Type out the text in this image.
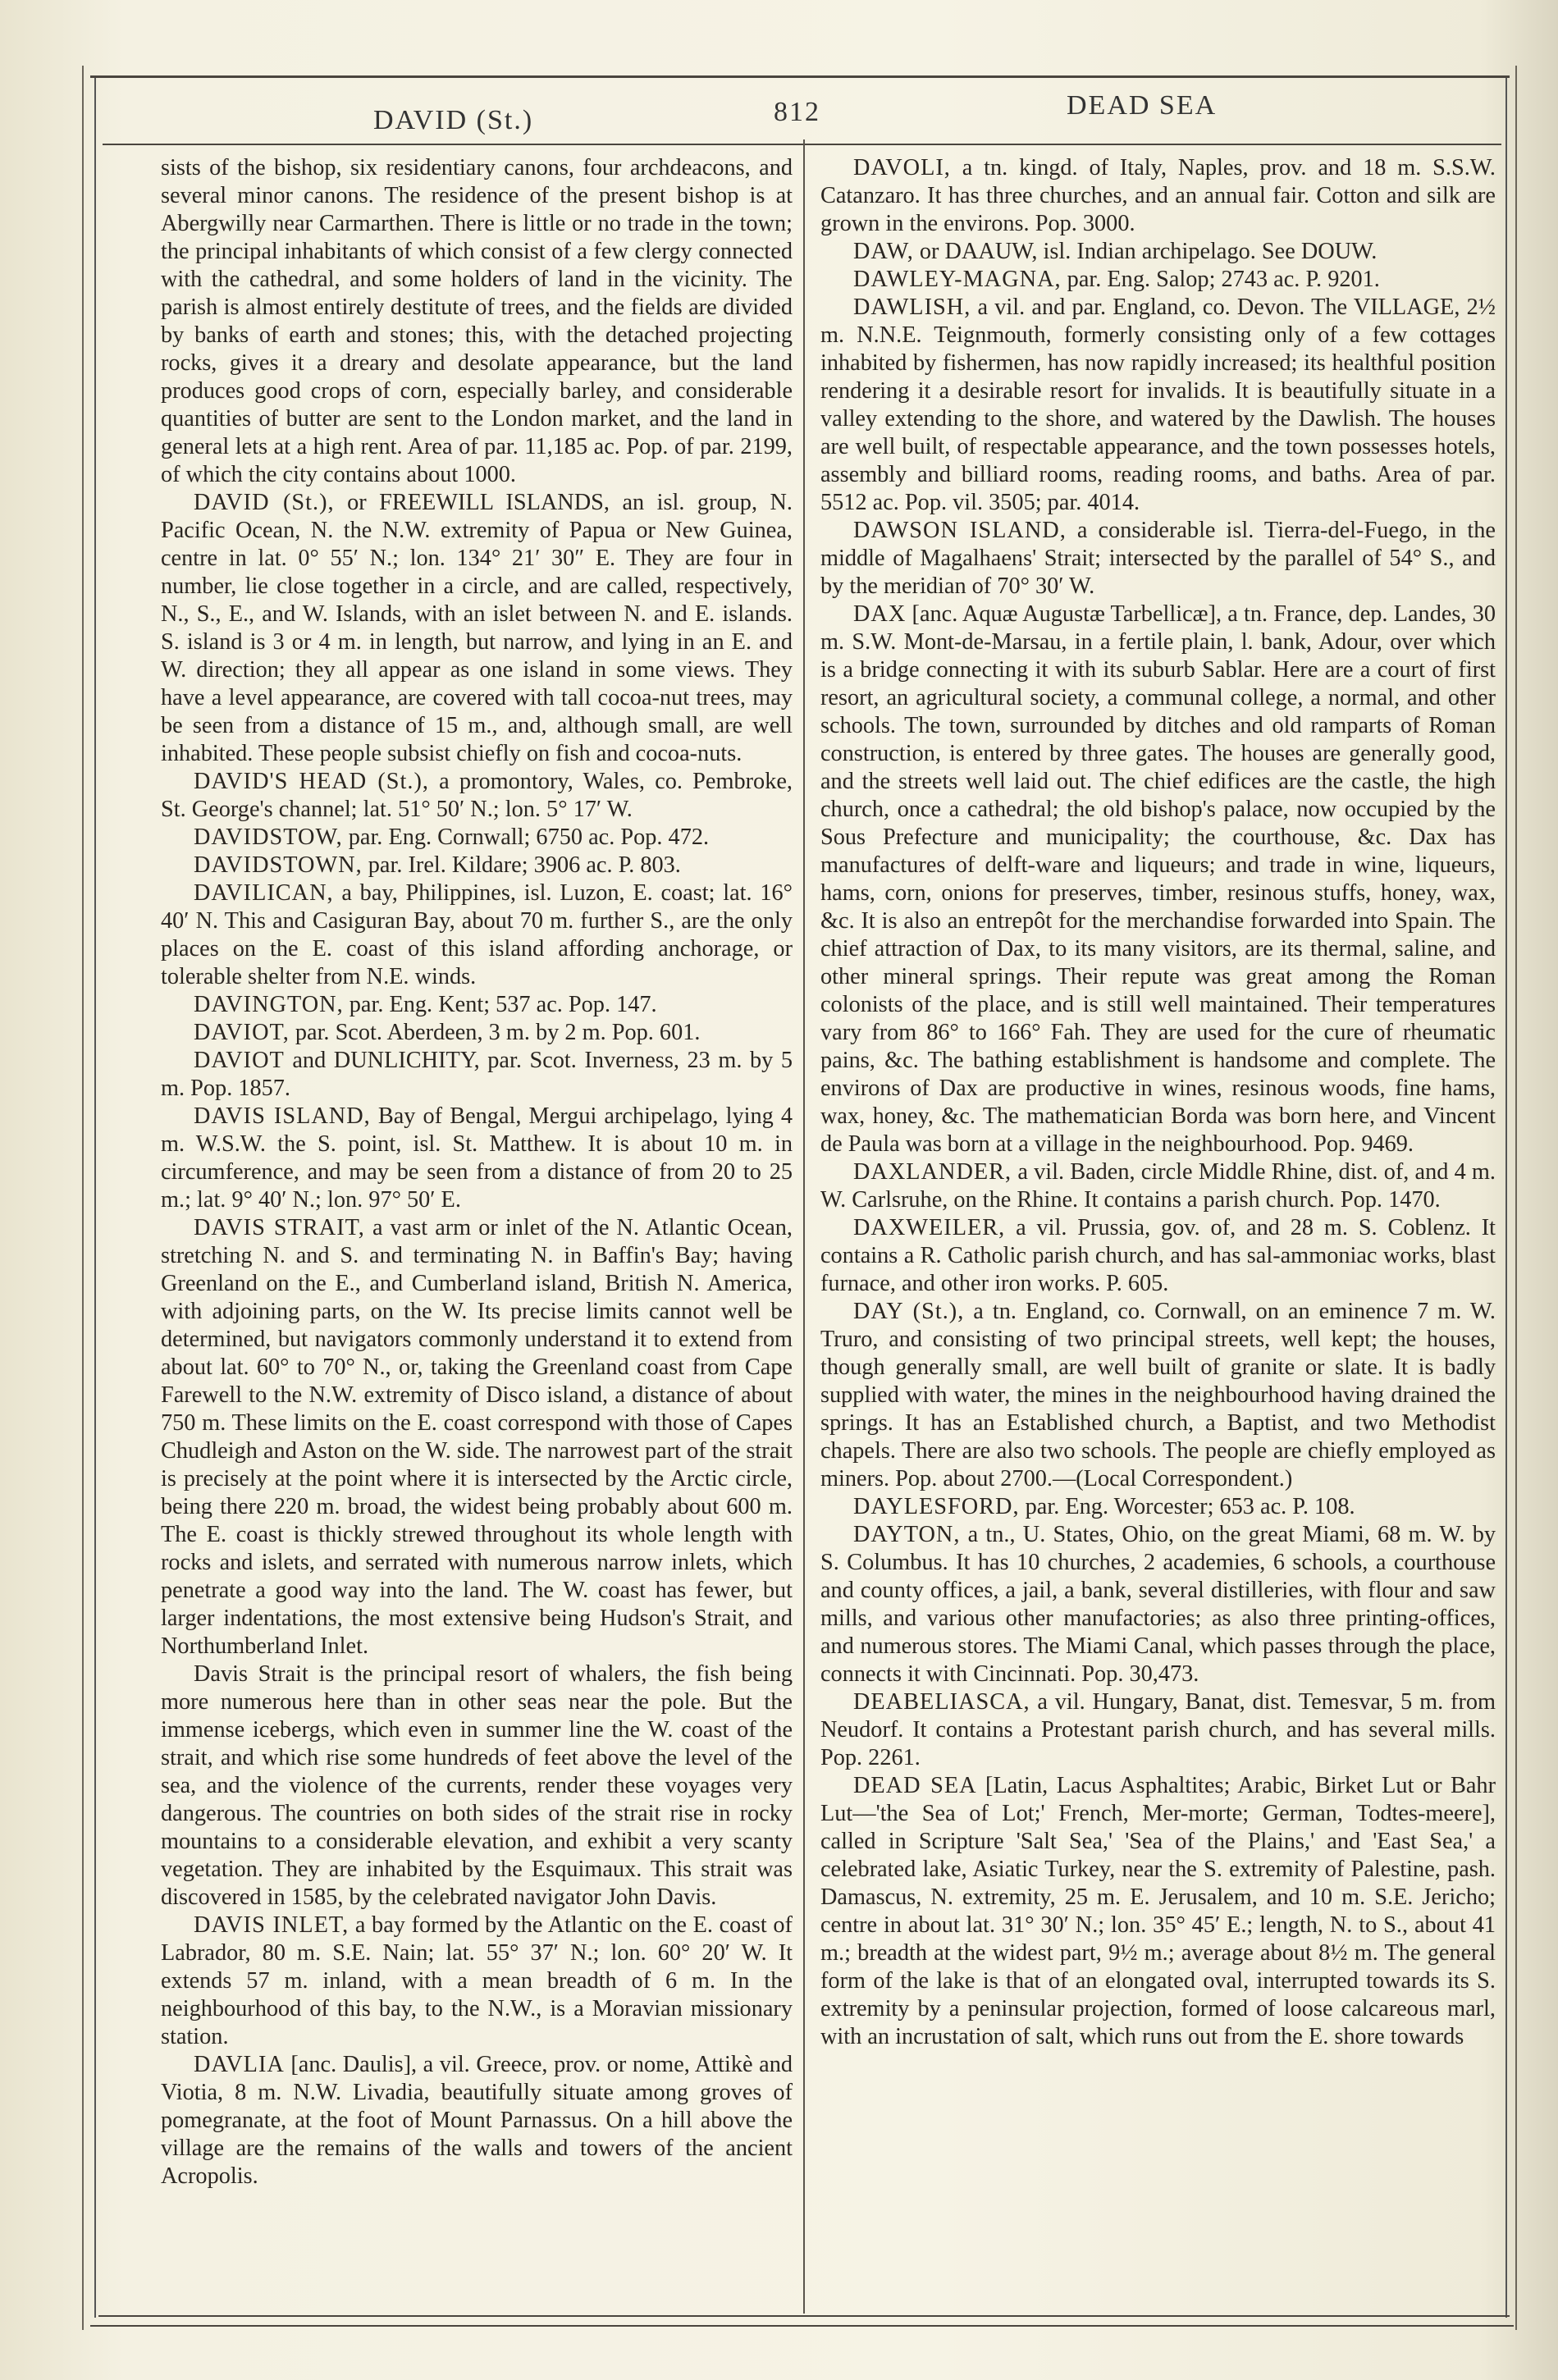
DAVID (St.)	812	DEAD SEA

sists of the bishop, six residentiary canons, four archdeacons, and several minor canons. The residence of the present bishop is at Abergwilly near Carmarthen. There is little or no trade in the town; the principal inhabitants of which consist of a few clergy connected with the cathedral, and some holders of land in the vicinity. The parish is almost entirely destitute of trees, and the fields are divided by banks of earth and stones; this, with the detached projecting rocks, gives it a dreary and desolate appearance, but the land produces good crops of corn, especially barley, and considerable quantities of butter are sent to the London market, and the land in general lets at a high rent. Area of par. 11,185 ac. Pop. of par. 2199, of which the city contains about 1000.

DAVID (St.), or FREEWILL ISLANDS, an isl. group, N. Pacific Ocean, N. the N.W. extremity of Papua or New Guinea, centre in lat. 0° 55′ N.; lon. 134° 21′ 30″ E. They are four in number, lie close together in a circle, and are called, respectively, N., S., E., and W. Islands, with an islet between N. and E. islands. S. island is 3 or 4 m. in length, but narrow, and lying in an E. and W. direction; they all appear as one island in some views. They have a level appearance, are covered with tall cocoa-nut trees, may be seen from a distance of 15 m., and, although small, are well inhabited. These people subsist chiefly on fish and cocoa-nuts.

DAVID'S HEAD (St.), a promontory, Wales, co. Pembroke, St. George's channel; lat. 51° 50′ N.; lon. 5° 17′ W.

DAVIDSTOW, par. Eng. Cornwall; 6750 ac. Pop. 472.

DAVIDSTOWN, par. Irel. Kildare; 3906 ac. P. 803.

DAVILICAN, a bay, Philippines, isl. Luzon, E. coast; lat. 16° 40′ N. This and Casiguran Bay, about 70 m. further S., are the only places on the E. coast of this island affording anchorage, or tolerable shelter from N.E. winds.

DAVINGTON, par. Eng. Kent; 537 ac. Pop. 147.

DAVIOT, par. Scot. Aberdeen, 3 m. by 2 m. Pop. 601.

DAVIOT and DUNLICHITY, par. Scot. Inverness, 23 m. by 5 m. Pop. 1857.

DAVIS ISLAND, Bay of Bengal, Mergui archipelago, lying 4 m. W.S.W. the S. point, isl. St. Matthew. It is about 10 m. in circumference, and may be seen from a distance of from 20 to 25 m.; lat. 9° 40′ N.; lon. 97° 50′ E.

DAVIS STRAIT, a vast arm or inlet of the N. Atlantic Ocean, stretching N. and S. and terminating N. in Baffin's Bay; having Greenland on the E., and Cumberland island, British N. America, with adjoining parts, on the W. Its precise limits cannot well be determined, but navigators commonly understand it to extend from about lat. 60° to 70° N., or, taking the Greenland coast from Cape Farewell to the N.W. extremity of Disco island, a distance of about 750 m. These limits on the E. coast correspond with those of Capes Chudleigh and Aston on the W. side. The narrowest part of the strait is precisely at the point where it is intersected by the Arctic circle, being there 220 m. broad, the widest being probably about 600 m. The E. coast is thickly strewed throughout its whole length with rocks and islets, and serrated with numerous narrow inlets, which penetrate a good way into the land. The W. coast has fewer, but larger indentations, the most extensive being Hudson's Strait, and Northumberland Inlet.

Davis Strait is the principal resort of whalers, the fish being more numerous here than in other seas near the pole. But the immense icebergs, which even in summer line the W. coast of the strait, and which rise some hundreds of feet above the level of the sea, and the violence of the currents, render these voyages very dangerous. The countries on both sides of the strait rise in rocky mountains to a considerable elevation, and exhibit a very scanty vegetation. They are inhabited by the Esquimaux. This strait was discovered in 1585, by the celebrated navigator John Davis.

DAVIS INLET, a bay formed by the Atlantic on the E. coast of Labrador, 80 m. S.E. Nain; lat. 55° 37′ N.; lon. 60° 20′ W. It extends 57 m. inland, with a mean breadth of 6 m. In the neighbourhood of this bay, to the N.W., is a Moravian missionary station.

DAVLIA [anc. Daulis], a vil. Greece, prov. or nome, Attikè and Viotia, 8 m. N.W. Livadia, beautifully situate among groves of pomegranate, at the foot of Mount Parnassus. On a hill above the village are the remains of the walls and towers of the ancient Acropolis.

DAVOLI, a tn. kingd. of Italy, Naples, prov. and 18 m. S.S.W. Catanzaro. It has three churches, and an annual fair. Cotton and silk are grown in the environs. Pop. 3000.

DAW, or DAAUW, isl. Indian archipelago. See DOUW.

DAWLEY-MAGNA, par. Eng. Salop; 2743 ac. P. 9201.

DAWLISH, a vil. and par. England, co. Devon. The VILLAGE, 2½ m. N.N.E. Teignmouth, formerly consisting only of a few cottages inhabited by fishermen, has now rapidly increased; its healthful position rendering it a desirable resort for invalids. It is beautifully situate in a valley extending to the shore, and watered by the Dawlish. The houses are well built, of respectable appearance, and the town possesses hotels, assembly and billiard rooms, reading rooms, and baths. Area of par. 5512 ac. Pop. vil. 3505; par. 4014.

DAWSON ISLAND, a considerable isl. Tierra-del-Fuego, in the middle of Magalhaens' Strait; intersected by the parallel of 54° S., and by the meridian of 70° 30′ W.

DAX [anc. Aquæ Augustæ Tarbellicæ], a tn. France, dep. Landes, 30 m. S.W. Mont-de-Marsau, in a fertile plain, l. bank, Adour, over which is a bridge connecting it with its suburb Sablar. Here are a court of first resort, an agricultural society, a communal college, a normal, and other schools. The town, surrounded by ditches and old ramparts of Roman construction, is entered by three gates. The houses are generally good, and the streets well laid out. The chief edifices are the castle, the high church, once a cathedral; the old bishop's palace, now occupied by the Sous Prefecture and municipality; the courthouse, &c. Dax has manufactures of delft-ware and liqueurs; and trade in wine, liqueurs, hams, corn, onions for preserves, timber, resinous stuffs, honey, wax, &c. It is also an entrepôt for the merchandise forwarded into Spain. The chief attraction of Dax, to its many visitors, are its thermal, saline, and other mineral springs. Their repute was great among the Roman colonists of the place, and is still well maintained. Their temperatures vary from 86° to 166° Fah. They are used for the cure of rheumatic pains, &c. The bathing establishment is handsome and complete. The environs of Dax are productive in wines, resinous woods, fine hams, wax, honey, &c. The mathematician Borda was born here, and Vincent de Paula was born at a village in the neighbourhood. Pop. 9469.

DAXLANDER, a vil. Baden, circle Middle Rhine, dist. of, and 4 m. W. Carlsruhe, on the Rhine. It contains a parish church. Pop. 1470.

DAXWEILER, a vil. Prussia, gov. of, and 28 m. S. Coblenz. It contains a R. Catholic parish church, and has sal-ammoniac works, blast furnace, and other iron works. P. 605.

DAY (St.), a tn. England, co. Cornwall, on an eminence 7 m. W. Truro, and consisting of two principal streets, well kept; the houses, though generally small, are well built of granite or slate. It is badly supplied with water, the mines in the neighbourhood having drained the springs. It has an Established church, a Baptist, and two Methodist chapels. There are also two schools. The people are chiefly employed as miners. Pop. about 2700.—(Local Correspondent.)

DAYLESFORD, par. Eng. Worcester; 653 ac. P. 108.

DAYTON, a tn., U. States, Ohio, on the great Miami, 68 m. W. by S. Columbus. It has 10 churches, 2 academies, 6 schools, a courthouse and county offices, a jail, a bank, several distilleries, with flour and saw mills, and various other manufactories; as also three printing-offices, and numerous stores. The Miami Canal, which passes through the place, connects it with Cincinnati. Pop. 30,473.

DEABELIASCA, a vil. Hungary, Banat, dist. Temesvar, 5 m. from Neudorf. It contains a Protestant parish church, and has several mills. Pop. 2261.

DEAD SEA [Latin, Lacus Asphaltites; Arabic, Birket Lut or Bahr Lut—'the Sea of Lot;' French, Mer-morte; German, Todtes-meere], called in Scripture 'Salt Sea,' 'Sea of the Plains,' and 'East Sea,' a celebrated lake, Asiatic Turkey, near the S. extremity of Palestine, pash. Damascus, N. extremity, 25 m. E. Jerusalem, and 10 m. S.E. Jericho; centre in about lat. 31° 30′ N.; lon. 35° 45′ E.; length, N. to S., about 41 m.; breadth at the widest part, 9½ m.; average about 8½ m. The general form of the lake is that of an elongated oval, interrupted towards its S. extremity by a peninsular projection, formed of loose calcareous marl, with an incrustation of salt, which runs out from the E. shore towards
